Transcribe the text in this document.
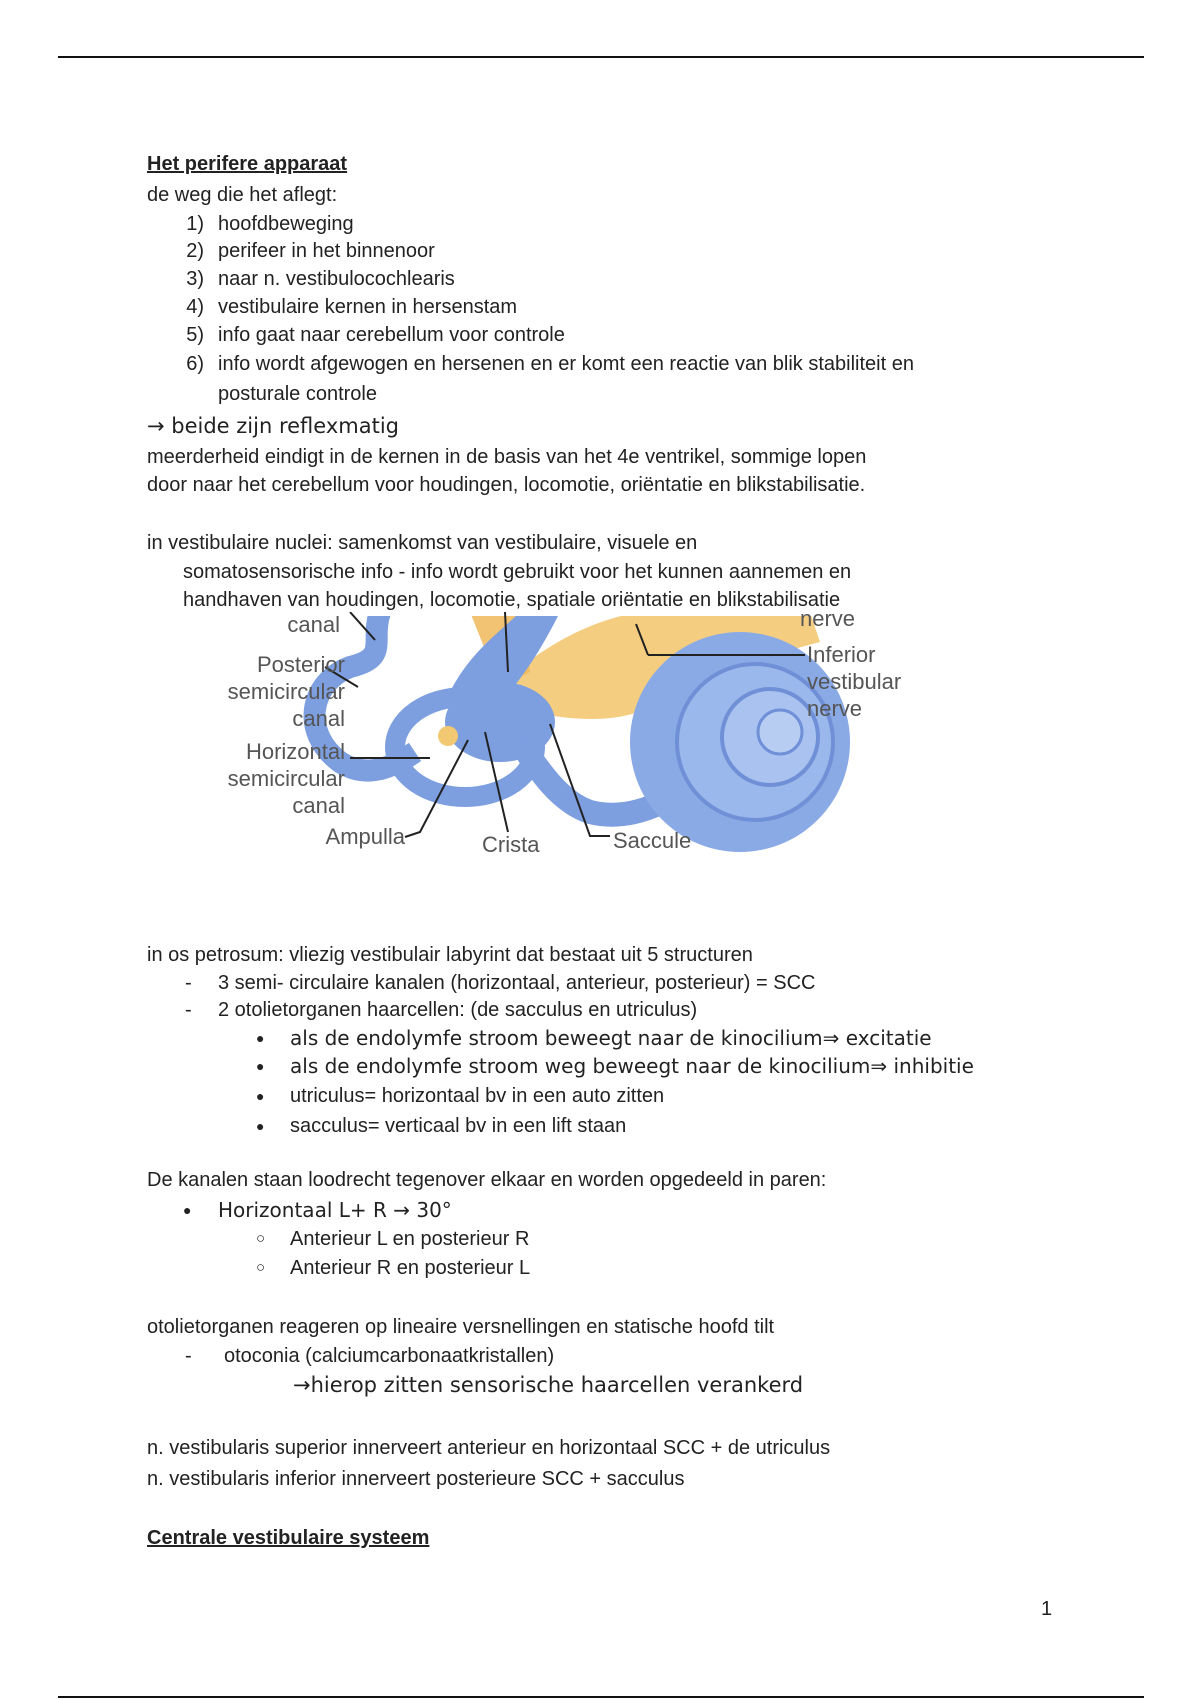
Het perifere apparaat
de weg die het aflegt:
1) hoofdbeweging
2) perifeer in het binnenoor
3) naar n. vestibulocochlearis
4) vestibulaire kernen in hersenstam
5) info gaat naar cerebellum voor controle
6) info wordt afgewogen en hersenen en er komt een reactie van blik stabiliteit en
posturale controle
→ beide zijn reflexmatig
meerderheid eindigt in de kernen in de basis van het 4e ventrikel, sommige lopen
door naar het cerebellum voor houdingen, locomotie, oriëntatie en blikstabilisatie.
in vestibulaire nuclei: samenkomst van vestibulaire, visuele en
somatosensorische info - info wordt gebruikt voor het kunnen aannemen en
handhaven van houdingen, locomotie, spatiale oriëntatie en blikstabilisatie
canal	nerve
Posterior
semicircular
canal
Horizontal
semicircular
canal
Ampulla	Crista	Saccule
Inferior
vestibular
nerve
in os petrosum: vliezig vestibulair labyrint dat bestaat uit 5 structuren
- 3 semi- circulaire kanalen (horizontaal, anterieur, posterieur) = SCC
- 2 otolietorganen haarcellen: (de sacculus en utriculus)
● als de endolymfe stroom beweegt naar de kinocilium⇒ excitatie
● als de endolymfe stroom weg beweegt naar de kinocilium⇒ inhibitie
● utriculus= horizontaal bv in een auto zitten
● sacculus= verticaal bv in een lift staan
De kanalen staan loodrecht tegenover elkaar en worden opgedeeld in paren:
● Horizontaal L+ R → 30°
○ Anterieur L en posterieur R
○ Anterieur R en posterieur L
otolietorganen reageren op lineaire versnellingen en statische hoofd tilt
- otoconia (calciumcarbonaatkristallen)
→hierop zitten sensorische haarcellen verankerd
n. vestibularis superior innerveert anterieur en horizontaal SCC + de utriculus
n. vestibularis inferior innerveert posterieure SCC + sacculus
Centrale vestibulaire systeem
1
